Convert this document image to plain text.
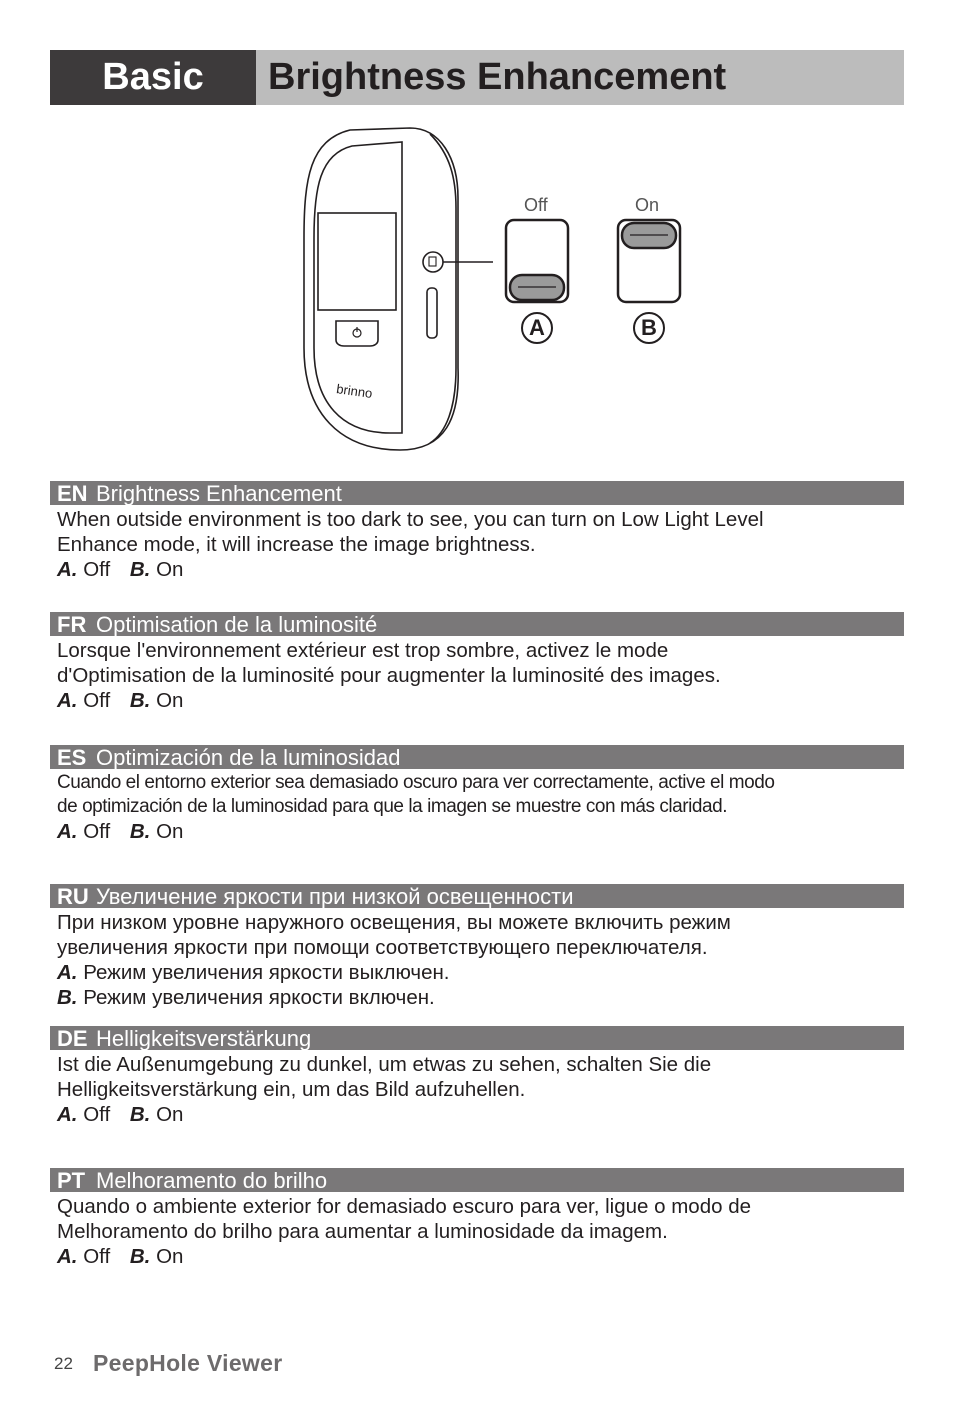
Basic	Brightness Enhancement
brinno
Off	On
A	B
EN Brightness Enhancement
When outside environment is too dark to see, you can turn on Low Light Level
Enhance mode, it will increase the image brightness.
A. Off B. On
FR Optimisation de la luminosité
Lorsque l'environnement extérieur est trop sombre, activez le mode
d'Optimisation de la luminosité pour augmenter la luminosité des images.
A. Off B. On
ES Optimización de la luminosidad
Cuando el entorno exterior sea demasiado oscuro para ver correctamente, active el modo
de optimización de la luminosidad para que la imagen se muestre con más claridad.
A. Off B. On
RU Увеличение яркости при низкой освещенности
При низком уровне наружного освещения, вы можете включить режим
увеличения яркости при помощи соответствующего переключателя.
A. Режим увеличения яркости выключен.
B. Режим увеличения яркости включен.
DE Helligkeitsverstärkung
Ist die Außenumgebung zu dunkel, um etwas zu sehen, schalten Sie die
Helligkeitsverstärkung ein, um das Bild aufzuhellen.
A. Off B. On
PT Melhoramento do brilho
Quando o ambiente exterior for demasiado escuro para ver, ligue o modo de
Melhoramento do brilho para aumentar a luminosidade da imagem.
A. Off B. On
22 PeepHole Viewer
